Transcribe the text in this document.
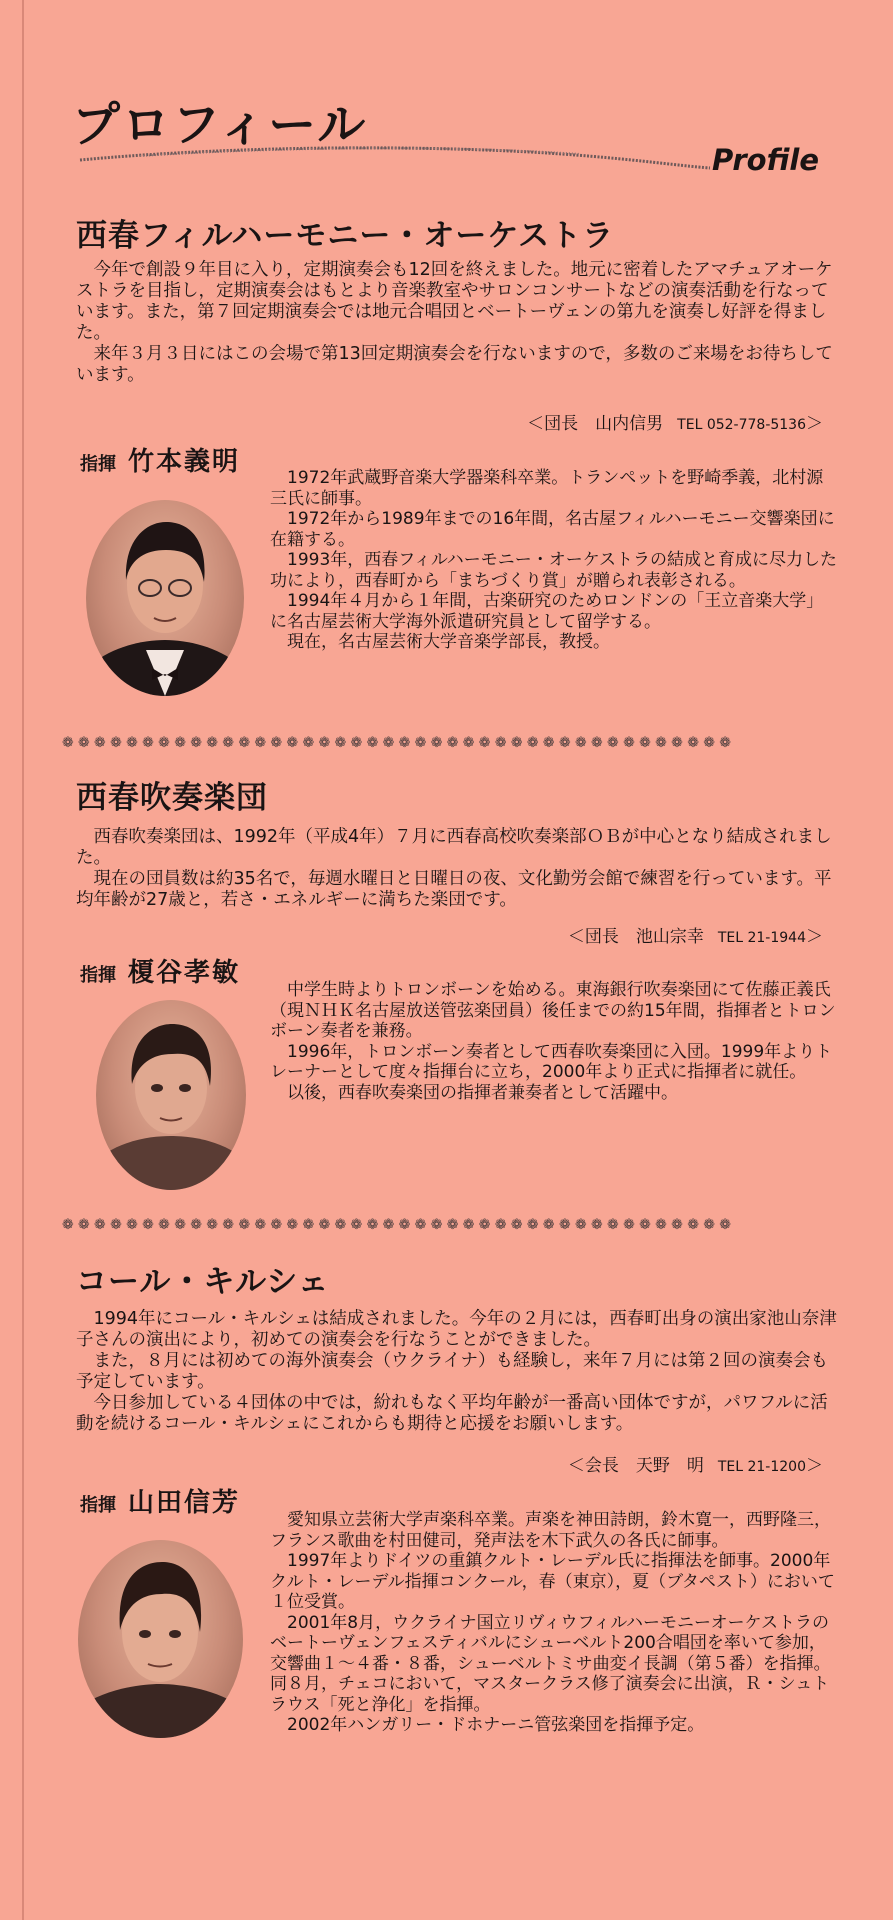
プロフィール
Profile
西春フィルハーモニー・オーケストラ

今年で創設９年目に入り，定期演奏会も12回を終えました。地元に密着したアマチュアオーケストラを目指し，定期演奏会はもとより音楽教室やサロンコンサートなどの演奏活動を行なっています。また，第７回定期演奏会では地元合唱団とベートーヴェンの第九を演奏し好評を得ました。

来年３月３日にはこの会場で第13回定期演奏会を行ないますので，多数のご来場をお待ちしています。

＜団長　 山内信男 TEL 052-778-5136＞
指揮 竹本義明

1972年武蔵野音楽大学器楽科卒業。トランペットを野崎季義，北村源三氏に師事。

1972年から1989年までの16年間，名古屋フィルハーモニー交響楽団に在籍する。

1993年，西春フィルハーモニー・オーケストラの結成と育成に尽力した功により，西春町から「まちづくり賞」が贈られ表彰される。

1994年４月から１年間，古楽研究のためロンドンの「王立音楽大学」に名古屋芸術大学海外派遣研究員として留学する。

現在，名古屋芸術大学音楽学部長，教授。

❁❁❁❁❁❁❁❁❁❁❁❁❁❁❁❁❁❁❁❁❁❁❁❁❁❁❁❁❁❁❁❁❁❁❁❁❁❁❁❁❁❁
西春吹奏楽団

西春吹奏楽団は、1992年（平成4年）７月に西春高校吹奏楽部ＯＢが中心となり結成されました。

現在の団員数は約35名で，毎週水曜日と日曜日の夜、文化勤労会館で練習を行っています。平均年齢が27歳と，若さ・エネルギーに満ちた楽団です。

＜団長　 池山宗幸 TEL 21-1944＞
指揮 榎谷孝敏

中学生時よりトロンボーンを始める。東海銀行吹奏楽団にて佐藤正義氏（現ＮＨＫ名古屋放送管弦楽団員）後任までの約15年間，指揮者とトロンボーン奏者を兼務。

1996年，トロンボーン奏者として西春吹奏楽団に入団。1999年よりトレーナーとして度々指揮台に立ち，2000年より正式に指揮者に就任。

以後，西春吹奏楽団の指揮者兼奏者として活躍中。

❁❁❁❁❁❁❁❁❁❁❁❁❁❁❁❁❁❁❁❁❁❁❁❁❁❁❁❁❁❁❁❁❁❁❁❁❁❁❁❁❁❁
コール・キルシェ

1994年にコール・キルシェは結成されました。今年の２月には，西春町出身の演出家池山奈津子さんの演出により，初めての演奏会を行なうことができました。

また，８月には初めての海外演奏会（ウクライナ）も経験し，来年７月には第２回の演奏会も予定しています。

今日参加している４団体の中では，紛れもなく平均年齢が一番高い団体ですが，パワフルに活動を続けるコール・キルシェにこれからも期待と応援をお願いします。

＜会長　 天野　明 TEL 21-1200＞
指揮 山田信芳

愛知県立芸術大学声楽科卒業。声楽を神田詩朗，鈴木寛一，西野隆三，フランス歌曲を村田健司，発声法を木下武久の各氏に師事。

1997年よりドイツの重鎮クルト・レーデル氏に指揮法を師事。2000年クルト・レーデル指揮コンクール，春（東京），夏（ブタペスト）において１位受賞。

2001年8月，ウクライナ国立リヴィウフィルハーモニーオーケストラのベートーヴェンフェスティバルにシューベルト200合唱団を率いて参加，交響曲１～４番・８番，シューベルトミサ曲変イ長調（第５番）を指揮。同８月，チェコにおいて，マスタークラス修了演奏会に出演，Ｒ・シュトラウス「死と浄化」を指揮。

2002年ハンガリー・ドホナーニ管弦楽団を指揮予定。
